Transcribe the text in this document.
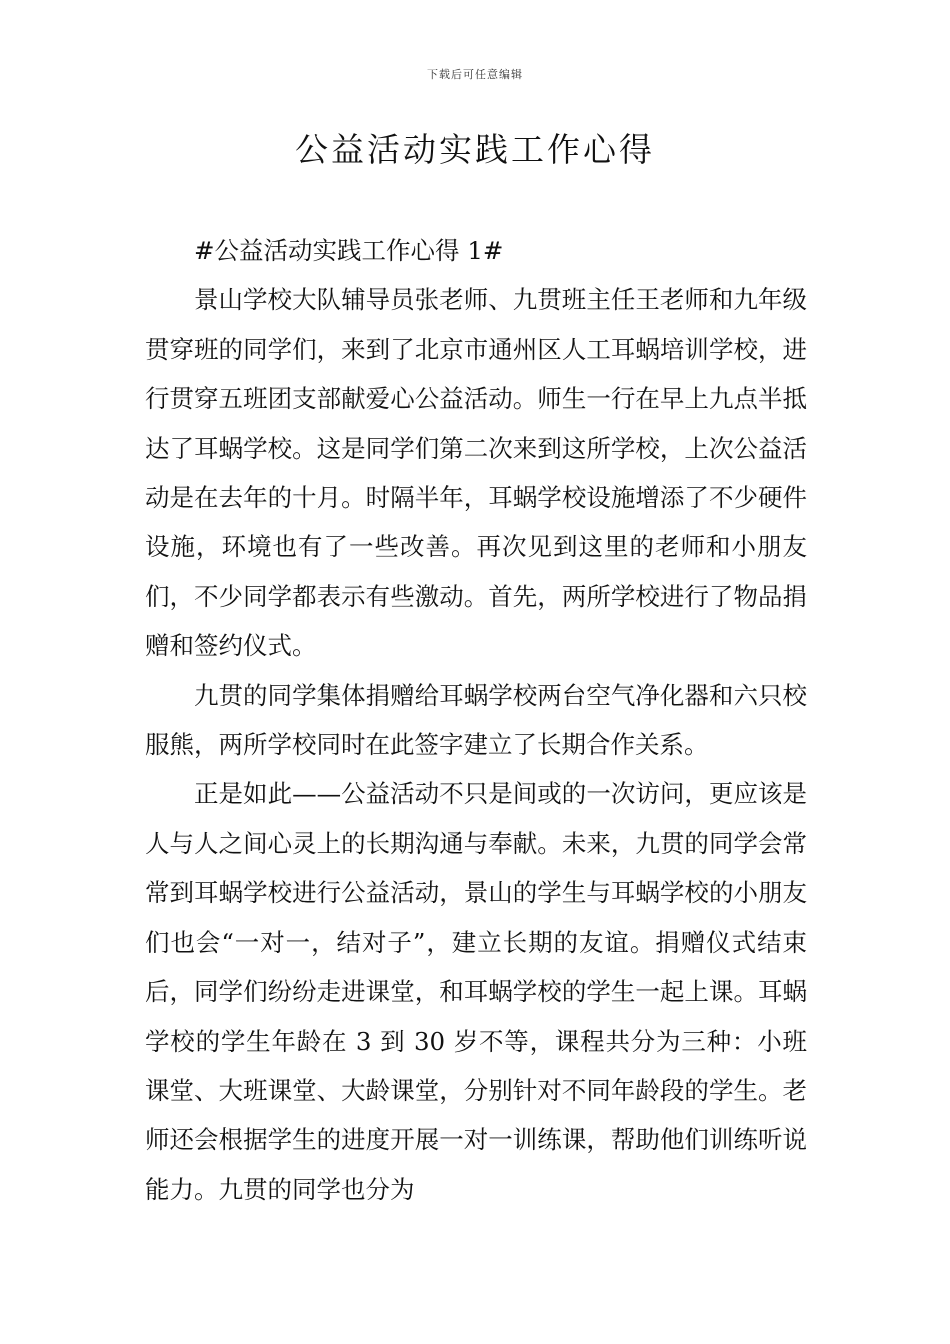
下载后可任意编辑
公益活动实践工作心得

#公益活动实践工作心得 1#

景山学校大队辅导员张老师、九贯班主任王老师和九年级贯穿班的同学们，来到了北京市通州区人工耳蜗培训学校，进行贯穿五班团支部献爱心公益活动。师生一行在早上九点半抵达了耳蜗学校。这是同学们第二次来到这所学校，上次公益活动是在去年的十月。时隔半年，耳蜗学校设施增添了不少硬件设施，环境也有了一些改善。再次见到这里的老师和小朋友们，不少同学都表示有些激动。首先，两所学校进行了物品捐赠和签约仪式。

九贯的同学集体捐赠给耳蜗学校两台空气净化器和六只校服熊，两所学校同时在此签字建立了长期合作关系。

正是如此——公益活动不只是间或的一次访问，更应该是人与人之间心灵上的长期沟通与奉献。未来，九贯的同学会常常到耳蜗学校进行公益活动，景山的学生与耳蜗学校的小朋友们也会“一对一，结对子”，建立长期的友谊。捐赠仪式结束后，同学们纷纷走进课堂，和耳蜗学校的学生一起上课。耳蜗学校的学生年龄在 3 到 30 岁不等，课程共分为三种：小班课堂、大班课堂、大龄课堂，分别针对不同年龄段的学生。老师还会根据学生的进度开展一对一训练课，帮助他们训练听说能力。九贯的同学也分为
